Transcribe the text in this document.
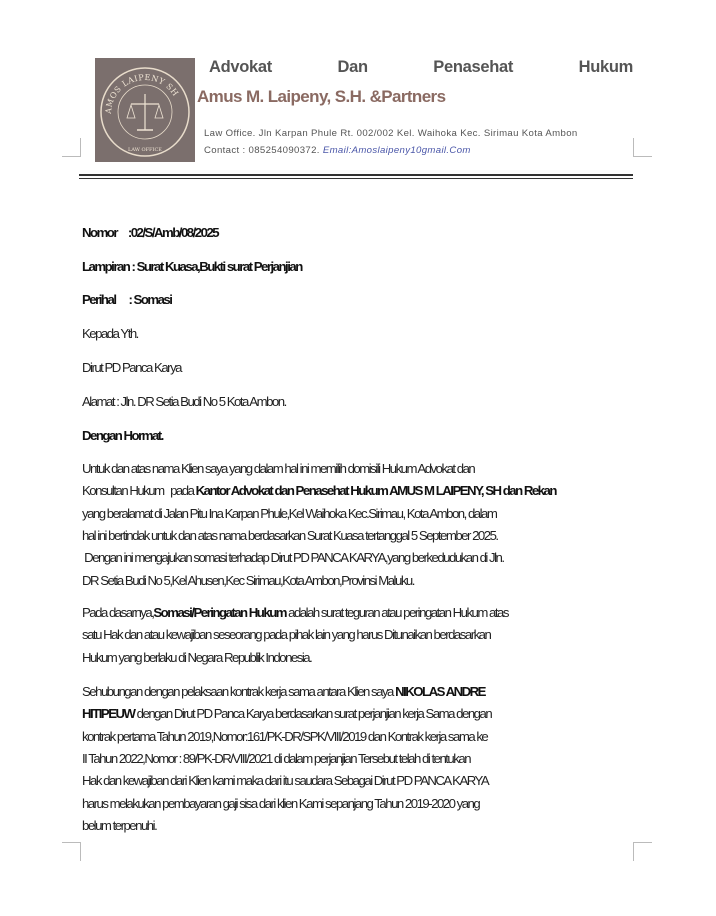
AMOS LAIPENY SH
LAW OFFICE
Advokat	Dan	Penasehat	Hukum
Amus M. Laipeny, S.H. &Partners
Law Office. Jln Karpan Phule Rt. 002/002 Kel. Waihoka Kec. Sirimau Kota Ambon
Contact : 085254090372. Email:Amoslaipeny10gmail.Com
Nomor     :02/S/Amb/08/2025
Lampiran : Surat Kuasa,Bukti surat Perjanjian
Perihal      : Somasi
Kepada Yth.
Dirut PD Panca Karya
Alamat : Jln. DR Setia Budi No 5 Kota Ambon.
Dengan Hormat.
Untuk dan atas nama Klien saya yang dalam hal ini memilih domisili Hukum Advokat dan
Konsultan Hukum   pada Kantor Advokat dan Penasehat Hukum AMUS M LAIPENY, SH dan Rekan
yang beralamat di Jalan Pitu Ina Karpan Phule,Kel Waihoka Kec.Sirimau, Kota Ambon, dalam
hal ini bertindak untuk dan atas nama berdasarkan Surat Kuasa tertanggal 5 September 2025.
Dengan ini mengajukan somasi terhadap Dirut PD PANCA KARYA,yang berkedudukan di Jln.
DR Setia Budi No 5,Kel Ahusen,Kec Sirimau,Kota Ambon,Provinsi Maluku.
Pada dasarnya,Somasi/Peringatan Hukum adalah surat teguran atau peringatan Hukum atas
satu Hak dan atau kewajiban seseorang pada pihak lain yang harus Ditunaikan berdasarkan
Hukum yang berlaku di Negara Republik Indonesia.
Sehubungan dengan pelaksaan kontrak kerja sama antara Klien saya NIKOLAS ANDRE
HITIPEUW dengan Dirut PD Panca Karya berdasarkan surat perjanjian kerja Sama dengan
kontrak pertama Tahun 2019,Nomor:161/PK-DR/SPK/VIII/2019 dan Kontrak kerja sama ke
II Tahun 2022,Nomor : 89/PK-DR/VIII/2021 di dalam perjanjian Tersebut telah di tentukan
Hak dan kewajiban dari Klien kami maka dari itu saudara Sebagai Dirut PD PANCA KARYA
harus melakukan pembayaran gaji sisa dari klien Kami sepanjang Tahun 2019-2020 yang
belum terpenuhi.
